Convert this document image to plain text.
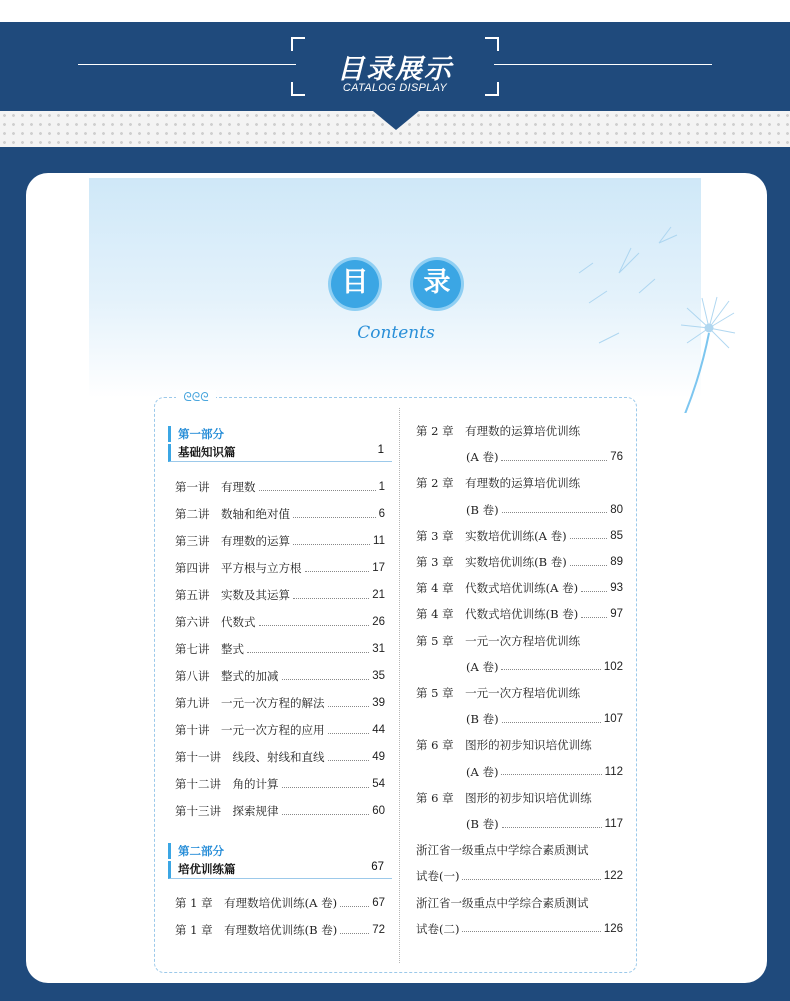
目录展示
CATALOG DISPLAY
目	录
Contents
第一部分
基础知识篇	1
第一讲　有理数	1
第二讲　数轴和绝对值	6
第三讲　有理数的运算	11
第四讲　平方根与立方根	17
第五讲　实数及其运算	21
第六讲　代数式	26
第七讲　整式	31
第八讲　整式的加减	35
第九讲　一元一次方程的解法	39
第十讲　一元一次方程的应用	44
第十一讲　线段、射线和直线	49
第十二讲　角的计算	54
第十三讲　探索规律	60
第二部分
培优训练篇	67
第 1 章　有理数培优训练(A 卷)	67
第 1 章　有理数培优训练(B 卷)	72
第 2 章　有理数的运算培优训练
(A 卷)	76
第 2 章　有理数的运算培优训练
(B 卷)	80
第 3 章　实数培优训练(A 卷)	85
第 3 章　实数培优训练(B 卷)	89
第 4 章　代数式培优训练(A 卷)	93
第 4 章　代数式培优训练(B 卷)	97
第 5 章　一元一次方程培优训练
(A 卷)	102
第 5 章　一元一次方程培优训练
(B 卷)	107
第 6 章　图形的初步知识培优训练
(A 卷)	112
第 6 章　图形的初步知识培优训练
(B 卷)	117
浙江省一级重点中学综合素质测试
试卷(一)	122
浙江省一级重点中学综合素质测试
试卷(二)	126
ᘓᘓᘓ
